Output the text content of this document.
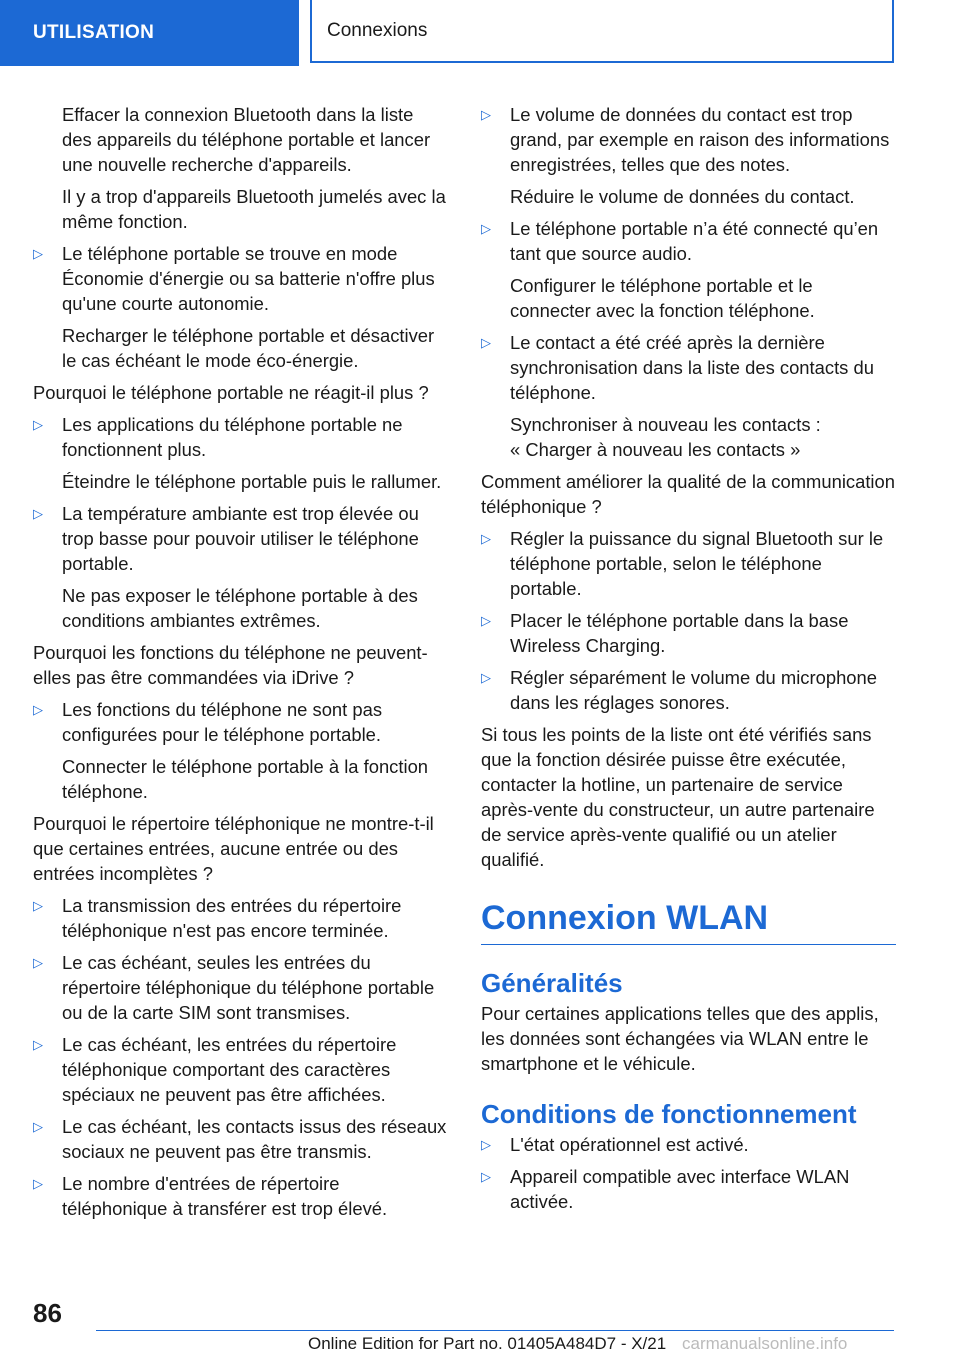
UTILISATION	Connexions

Effacer la connexion Bluetooth dans la liste des appareils du téléphone portable et lancer une nouvelle recherche d'appareils.

Il y a trop d'appareils Bluetooth jumelés avec la même fonction.

▷ Le téléphone portable se trouve en mode Économie d'énergie ou sa batterie n'offre plus qu'une courte autonomie.

Recharger le téléphone portable et désactiver le cas échéant le mode éco-énergie.

Pourquoi le téléphone portable ne réagit-il plus ?

▷ Les applications du téléphone portable ne fonctionnent plus.

Éteindre le téléphone portable puis le rallumer.

▷ La température ambiante est trop élevée ou trop basse pour pouvoir utiliser le téléphone portable.

Ne pas exposer le téléphone portable à des conditions ambiantes extrêmes.

Pourquoi les fonctions du téléphone ne peuvent-elles pas être commandées via iDrive ?

▷ Les fonctions du téléphone ne sont pas configurées pour le téléphone portable.

Connecter le téléphone portable à la fonction téléphone.

Pourquoi le répertoire téléphonique ne montre-t-il que certaines entrées, aucune entrée ou des entrées incomplètes ?

▷ La transmission des entrées du répertoire téléphonique n'est pas encore terminée.
▷ Le cas échéant, seules les entrées du répertoire téléphonique du téléphone portable ou de la carte SIM sont transmises.
▷ Le cas échéant, les entrées du répertoire téléphonique comportant des caractères spéciaux ne peuvent pas être affichées.
▷ Le cas échéant, les contacts issus des réseaux sociaux ne peuvent pas être transmis.
▷ Le nombre d'entrées de répertoire téléphonique à transférer est trop élevé.
▷ Le volume de données du contact est trop grand, par exemple en raison des informations enregistrées, telles que des notes.

Réduire le volume de données du contact.

▷ Le téléphone portable n’a été connecté qu’en tant que source audio.

Configurer le téléphone portable et le connecter avec la fonction téléphone.

▷ Le contact a été créé après la dernière synchronisation dans la liste des contacts du téléphone.

Synchroniser à nouveau les contacts :

« Charger à nouveau les contacts »

Comment améliorer la qualité de la communication téléphonique ?

▷ Régler la puissance du signal Bluetooth sur le téléphone portable, selon le téléphone portable.
▷ Placer le téléphone portable dans la base Wireless Charging.
▷ Régler séparément le volume du microphone dans les réglages sonores.

Si tous les points de la liste ont été vérifiés sans que la fonction désirée puisse être exécutée, contacter la hotline, un partenaire de service après-vente du constructeur, un autre partenaire de service après-vente qualifié ou un atelier qualifié.

Connexion WLAN
Généralités

Pour certaines applications telles que des applis, les données sont échangées via WLAN entre le smartphone et le véhicule.

Conditions de fonctionnement
▷ L'état opérationnel est activé.
▷ Appareil compatible avec interface WLAN activée.
86
Online Edition for Part no. 01405A484D7 - X/21 carmanualsonline.info
